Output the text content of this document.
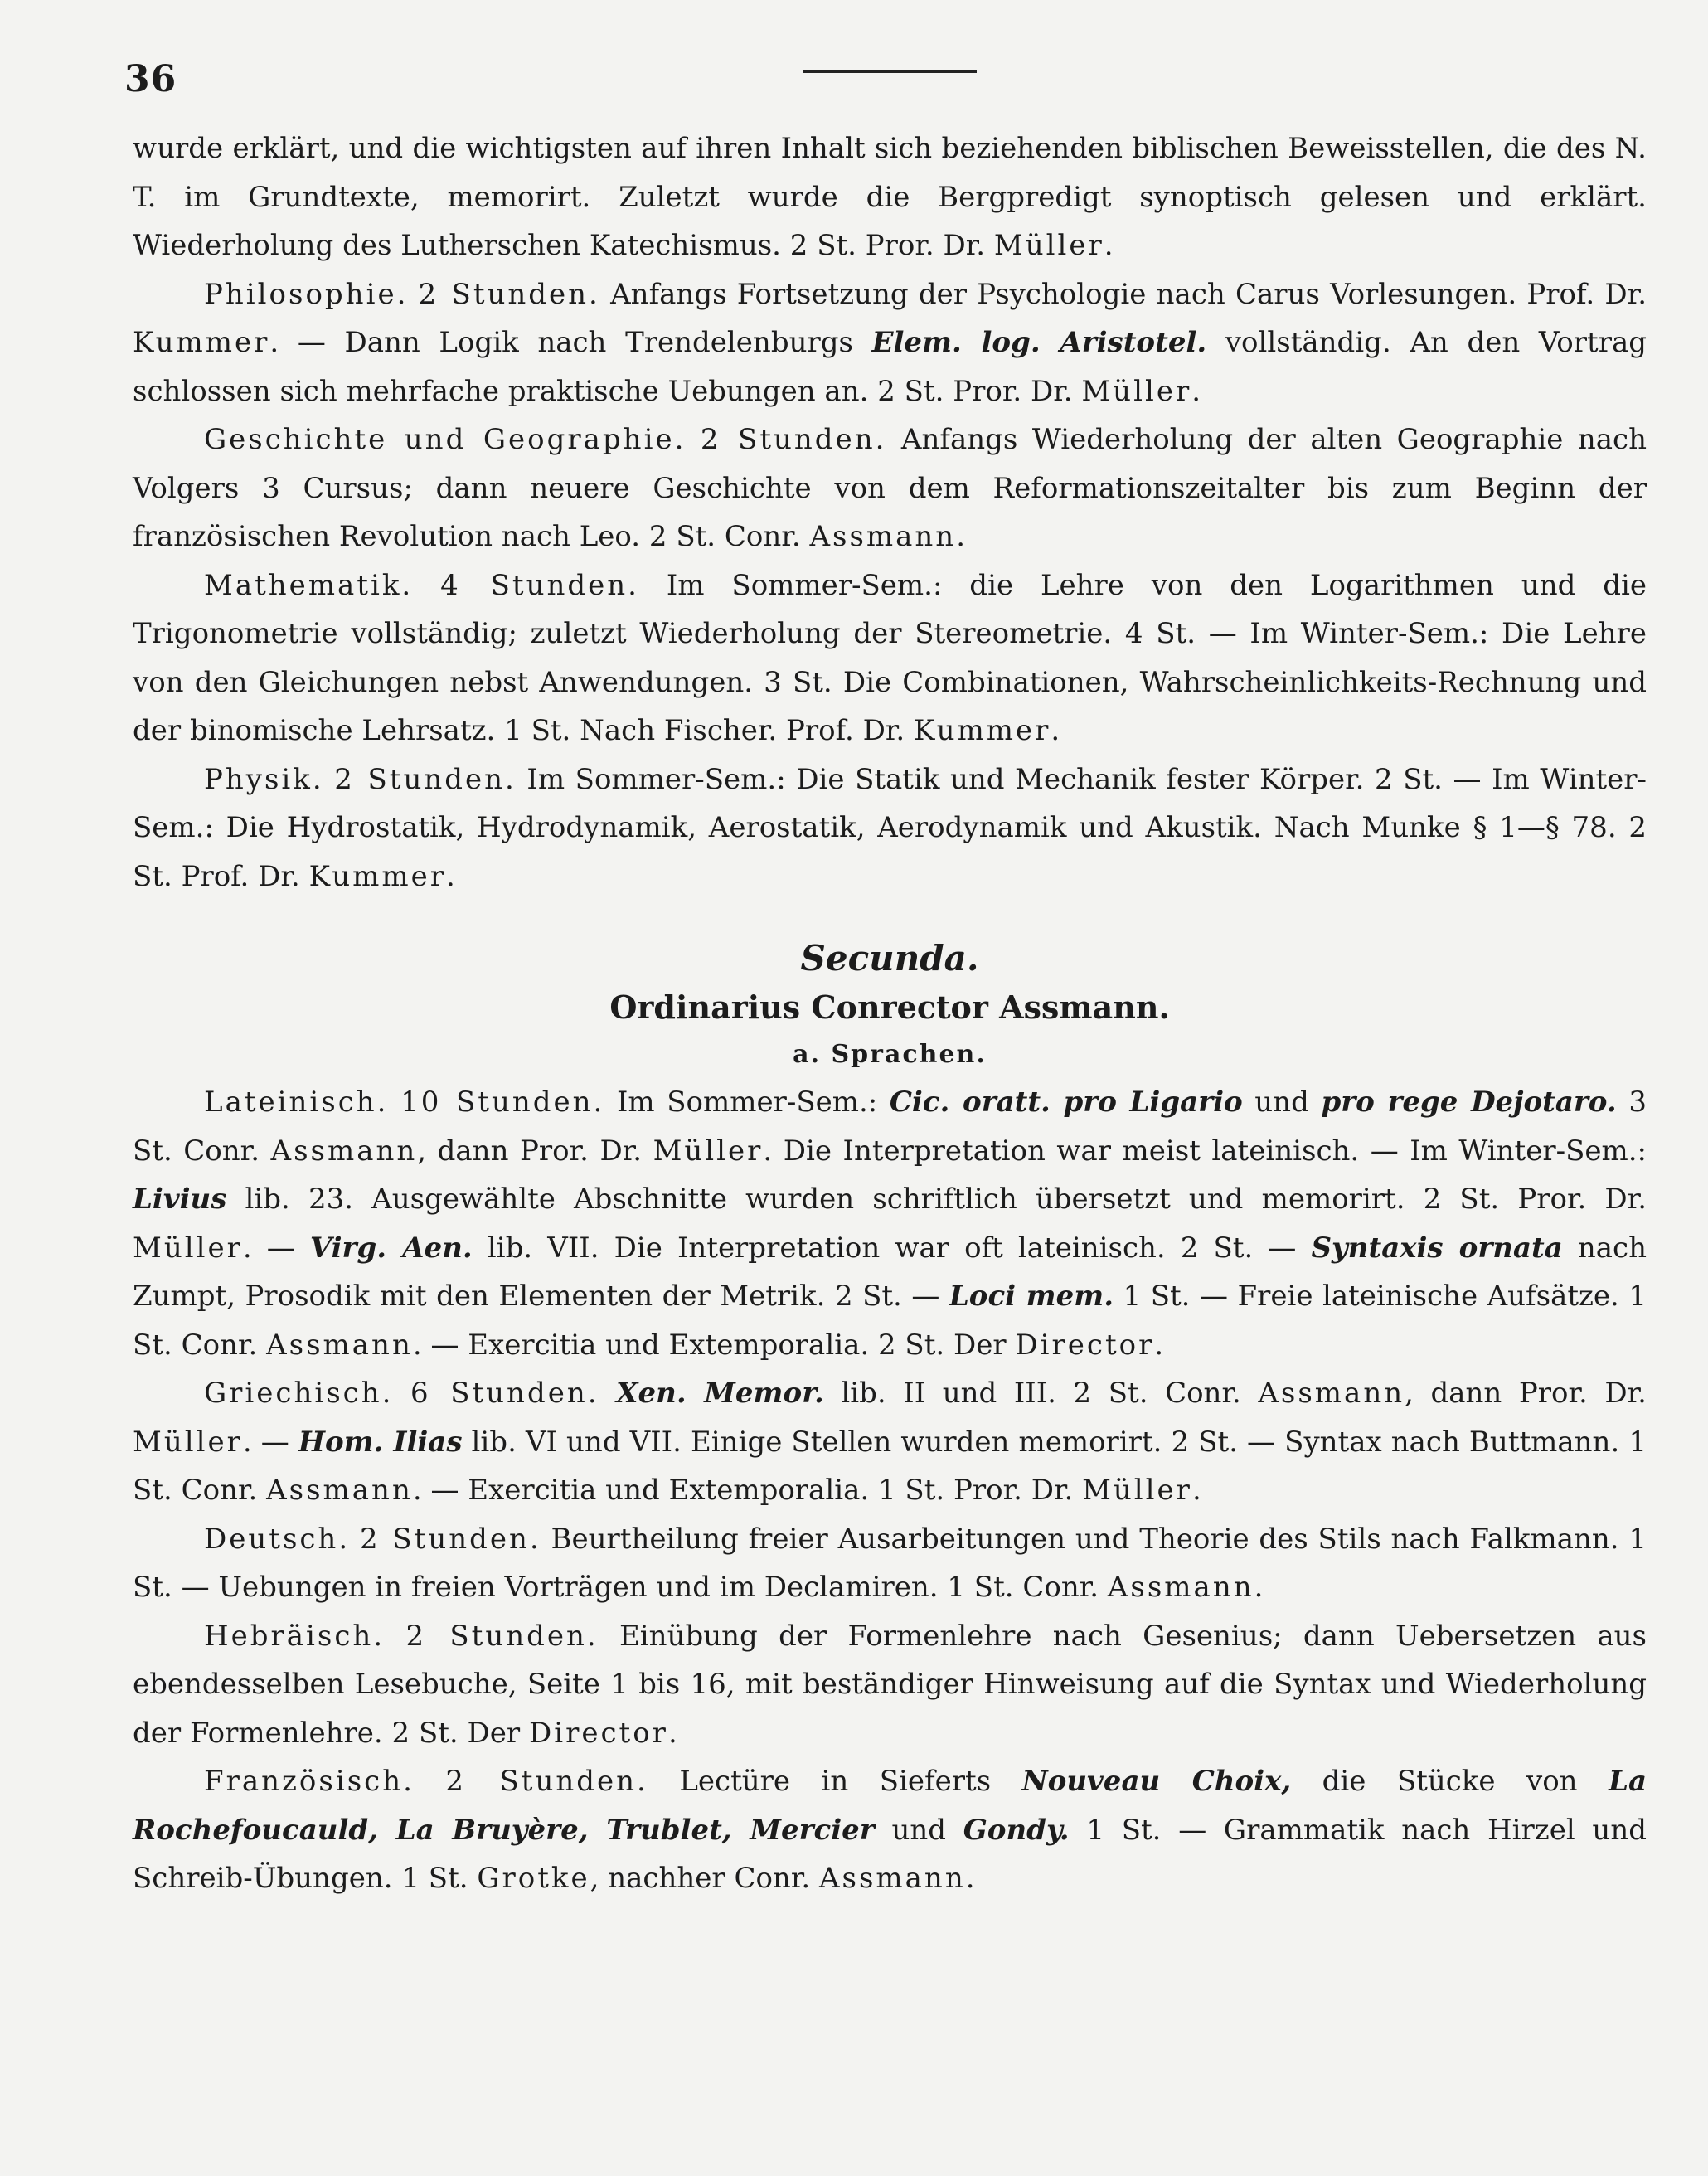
36

wurde erklärt, und die wichtigsten auf ihren Inhalt sich beziehenden biblischen Beweisstellen, die des N. T. im Grundtexte, memorirt. Zuletzt wurde die Bergpredigt synoptisch gelesen und erklärt. Wiederholung des Lutherschen Katechismus. 2 St. Pror. Dr. Müller.

Philosophie. 2 Stunden. Anfangs Fortsetzung der Psychologie nach Carus Vorlesungen. Prof. Dr. Kummer. — Dann Logik nach Trendelenburgs Elem. log. Aristotel. vollständig. An den Vortrag schlossen sich mehrfache praktische Uebungen an. 2 St. Pror. Dr. Müller.

Geschichte und Geographie. 2 Stunden. Anfangs Wiederholung der alten Geographie nach Volgers 3 Cursus; dann neuere Geschichte von dem Reformationszeitalter bis zum Beginn der französischen Revolution nach Leo. 2 St. Conr. Assmann.

Mathematik. 4 Stunden. Im Sommer-Sem.: die Lehre von den Logarithmen und die Trigonometrie vollständig; zuletzt Wiederholung der Stereometrie. 4 St. — Im Winter-Sem.: Die Lehre von den Gleichungen nebst Anwendungen. 3 St. Die Combinationen, Wahrscheinlichkeits-Rechnung und der binomische Lehrsatz. 1 St. Nach Fischer. Prof. Dr. Kummer.

Physik. 2 Stunden. Im Sommer-Sem.: Die Statik und Mechanik fester Körper. 2 St. — Im Winter-Sem.: Die Hydrostatik, Hydrodynamik, Aerostatik, Aerodynamik und Akustik. Nach Munke § 1—§ 78. 2 St. Prof. Dr. Kummer.

Secunda.

Ordinarius Conrector Assmann.

a. Sprachen.

Lateinisch. 10 Stunden. Im Sommer-Sem.: Cic. oratt. pro Ligario und pro rege Dejotaro. 3 St. Conr. Assmann, dann Pror. Dr. Müller. Die Interpretation war meist lateinisch. — Im Winter-Sem.: Livius lib. 23. Ausgewählte Abschnitte wurden schriftlich übersetzt und memorirt. 2 St. Pror. Dr. Müller. — Virg. Aen. lib. VII. Die Interpretation war oft lateinisch. 2 St. — Syntaxis ornata nach Zumpt, Prosodik mit den Elementen der Metrik. 2 St. — Loci mem. 1 St. — Freie lateinische Aufsätze. 1 St. Conr. Assmann. — Exercitia und Extemporalia. 2 St. Der Director.

Griechisch. 6 Stunden. Xen. Memor. lib. II und III. 2 St. Conr. Assmann, dann Pror. Dr. Müller. — Hom. Ilias lib. VI und VII. Einige Stellen wurden memorirt. 2 St. — Syntax nach Buttmann. 1 St. Conr. Assmann. — Exercitia und Extemporalia. 1 St. Pror. Dr. Müller.

Deutsch. 2 Stunden. Beurtheilung freier Ausarbeitungen und Theorie des Stils nach Falkmann. 1 St. — Uebungen in freien Vorträgen und im Declamiren. 1 St. Conr. Assmann.

Hebräisch. 2 Stunden. Einübung der Formenlehre nach Gesenius; dann Uebersetzen aus ebendesselben Lesebuche, Seite 1 bis 16, mit beständiger Hinweisung auf die Syntax und Wiederholung der Formenlehre. 2 St. Der Director.

Französisch. 2 Stunden. Lectüre in Sieferts Nouveau Choix, die Stücke von La Rochefoucauld, La Bruyère, Trublet, Mercier und Gondy. 1 St. — Grammatik nach Hirzel und Schreib-Übungen. 1 St. Grotke, nachher Conr. Assmann.
